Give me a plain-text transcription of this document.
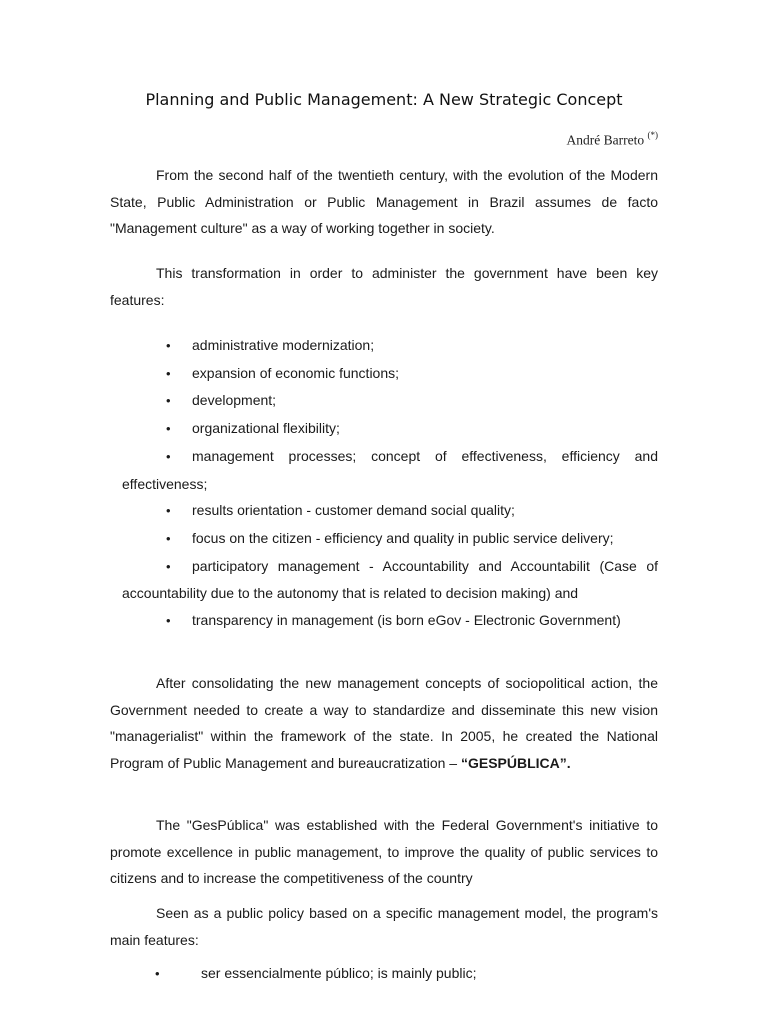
Planning and Public Management: A New Strategic Concept
André Barreto (*)

From the second half of the twentieth century, with the evolution of the Modern State, Public Administration or Public Management in Brazil assumes de facto "Management culture" as a way of working together in society.

This transformation in order to administer the government have been key features:

• administrative modernization;
• expansion of economic functions;
• development;
• organizational flexibility;
• management processes; concept of effectiveness, efficiency and effectiveness;
• results orientation - customer demand social quality;
• focus on the citizen - efficiency and quality in public service delivery;
• participatory management - Accountability and Accountabilit (Case of accountability due to the autonomy that is related to decision making) and
• transparency in management (is born eGov - Electronic Government)

After consolidating the new management concepts of sociopolitical action, the Government needed to create a way to standardize and disseminate this new vision "managerialist" within the framework of the state. In 2005, he created the National Program of Public Management and bureaucratization – “GESPÚBLICA”.

The "GesPública" was established with the Federal Government's initiative to promote excellence in public management, to improve the quality of public services to citizens and to increase the competitiveness of the country

Seen as a public policy based on a specific management model, the program's main features:

•	ser essencialmente público; is mainly public;
